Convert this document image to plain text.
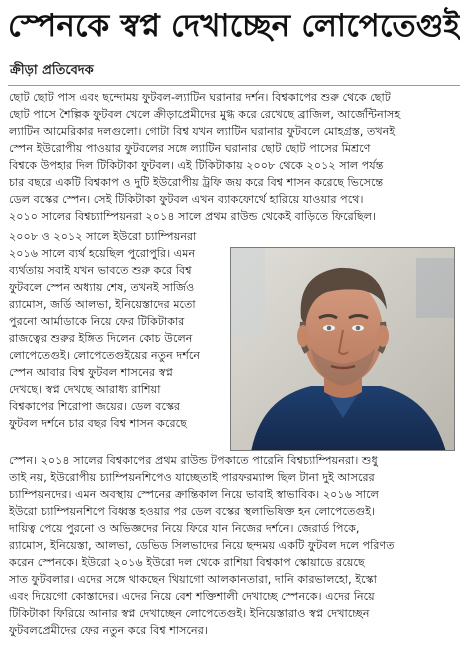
স্পেনকে স্বপ্ন দেখাচ্ছেন লোপেতেগুই
ক্রীড়া প্রতিবেদক
ছোট ছোট পাস এবং ছন্দোময় ফুটবল-ল্যাটিন ঘরানার দর্শন। বিশ্বকাপের শুরু থেকে ছোট
ছোট পাসে শৈল্পিক ফুটবল খেলে ক্রীড়াপ্রেমীদের মুগ্ধ করে রেখেছে ব্রাজিল, আর্জেন্টিনাসহ
ল্যাটিন আমেরিকার দলগুলো। গোটা বিশ্ব যখন ল্যাটিন ঘরানার ফুটবলে মোহগ্রস্ত, তখনই
স্পেন ইউরোপীয় পাওয়ার ফুটবলের সঙ্গে ল্যাটিন ঘরানার ছোট ছোট পাসের মিশ্রণে
বিশ্বকে উপহার দিল টিকিটাকা ফুটবল। এই টিকিটাকায় ২০০৮ থেকে ২০১২ সাল পর্যন্ত
চার বছরে একটি বিশ্বকাপ ও দুটি ইউরোপীয় ট্রফি জয় করে বিশ্ব শাসন করেছে ভিসেন্তে
ডেল বস্কের স্পেন। সেই টিকিটাকা ফুটবল এখন ব্যাকফোর্থে হারিয়ে যাওয়ার পথে।
২০১০ সালের বিশ্বচ্যাম্পিয়নরা ২০১৪ সালে প্রথম রাউন্ড থেকেই বাড়িতে ফিরেছিল।
২০০৮ ও ২০১২ সালে ইউরো চ্যাম্পিয়নরা
২০১৬ সালে ব্যর্থ হয়েছিল পুরোপুরি। এমন
ব্যর্থতায় সবাই যখন ভাবতে শুরু করে বিশ্ব
ফুটবলে স্পেন অধ্যায় শেষ, তখনই সার্জিও
র‍্যামোস, জর্ডি আলভা, ইনিয়েস্তাদের মতো
পুরনো আর্মাডাকে নিয়ে ফের টিকিটাকার
রাজত্বের শুরুর ইঙ্গিত দিলেন কোচ উলেন
লোপেতেগুই। লোপেতেগুইয়ের নতুন দর্শনে
স্পেন আবার বিশ্ব ফুটবল শাসনের স্বপ্ন
দেখছে। স্বপ্ন দেখছে আরাধ্য রাশিয়া
বিশ্বকাপের শিরোপা জয়ের। ডেল বস্কের
ফুটবল দর্শনে চার বছর বিশ্ব শাসন করেছে
স্পেন। ২০১৪ সালের বিশ্বকাপের প্রথম রাউন্ড টপকাতে পারেনি বিশ্বচ্যাম্পিয়নরা। শুধু
তাই নয়, ইউরোপীয় চ্যাম্পিয়নশিপেও যাচ্ছেতাই পারফরম্যান্স ছিল টানা দুই আসরের
চ্যাম্পিয়নদের। এমন অবস্থায় স্পেনের ক্রান্তিকাল নিয়ে ভাবাই স্বাভাবিক। ২০১৬ সালে
ইউরো চ্যাম্পিয়নশিপে বিধ্বস্ত হওয়ার পর ডেল বস্কের স্থলাভিষিক্ত হন লোপেতেগুই।
দায়িত্ব পেয়ে পুরনো ও অভিজ্ঞদের নিয়ে ফিরে যান নিজের দর্শনে। জেরার্ড পিকে,
র‍্যামোস, ইনিয়েস্তা, আলভা, ডেভিড সিলভাদের নিয়ে ছন্দময় একটি ফুটবল দলে পরিণত
করেন স্পেনকে। ইউরো ২০১৬ ইউরো দল থেকে রাশিয়া বিশ্বকাপ স্কোয়াডে রয়েছে
সাত ফুটবলার। এদের সঙ্গে থাকছেন থিয়াগো আলকানতারা, দানি কারভালহো, ইস্কো
এবং দিয়েগো কোস্তাদের। এদের নিয়ে বেশ শক্তিশালী দেখাচ্ছে স্পেনকে। এদের নিয়ে
টিকিটাকা ফিরিয়ে আনার স্বপ্ন দেখাচ্ছেন লোপেতেগুই। ইনিয়েস্তারাও স্বপ্ন দেখাচ্ছেন
ফুটবলপ্রেমীদের ফের নতুন করে বিশ্ব শাসনের।
